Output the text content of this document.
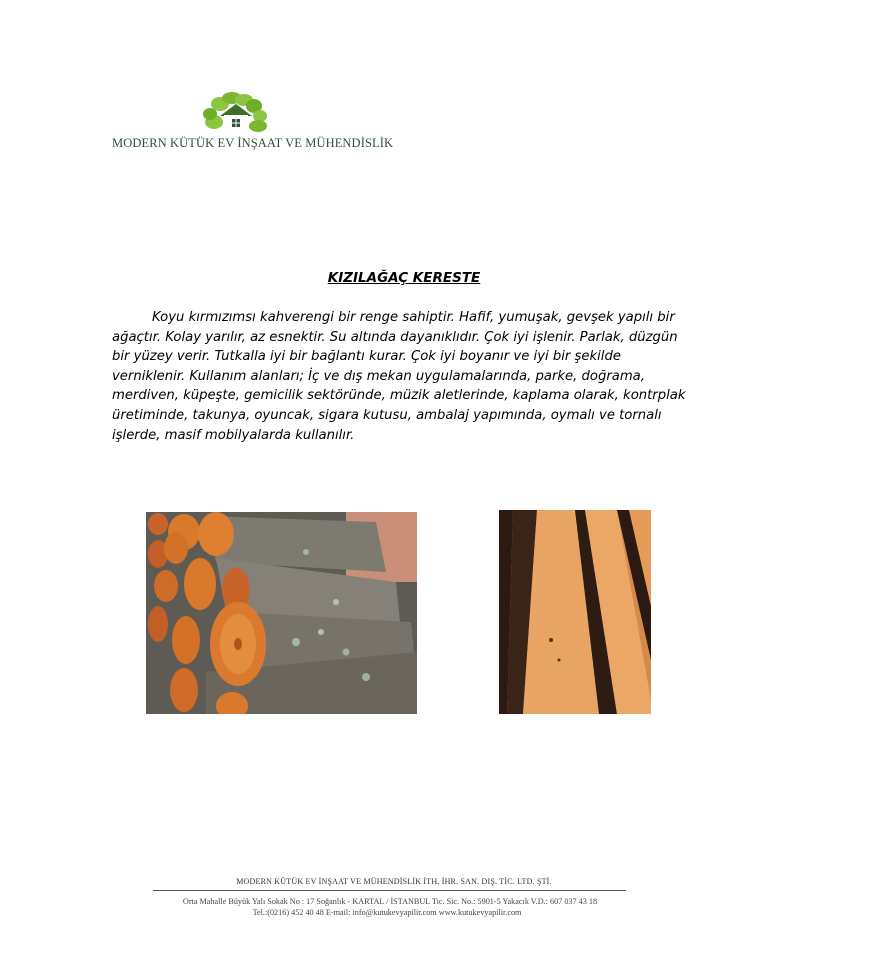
MODERN KÜTÜK EV İNŞAAT VE MÜHENDİSLİK
KIZILAĞAÇ KERESTE

Koyu kırmızımsı kahverengi bir renge sahiptir. Hafif, yumuşak, gevşek yapılı bir ağaçtır. Kolay yarılır, az esnektir. Su altında dayanıklıdır. Çok iyi işlenir. Parlak, düzgün bir yüzey verir. Tutkalla iyi bir bağlantı kurar. Çok iyi boyanır ve iyi bir şekilde verniklenir. Kullanım alanları; İç ve dış mekan uygulamalarında, parke, doğrama, merdiven, küpeşte, gemicilik sektöründe, müzik aletlerinde, kaplama olarak, kontrplak üretiminde, takunya, oyuncak, sigara kutusu, ambalaj yapımında, oymalı ve tornalı işlerde, masif mobilyalarda kullanılır.

MODERN KÜTÜK EV İNŞAAT VE MÜHENDİSLİK İTH. İHR. SAN. DIŞ. TİC. LTD. ŞTİ.
Orta Mahalle Büyük Yalı Sokak No : 17 Soğanlık - KARTAL / İSTANBUL Tic. Sic. No.: 5901-5 Yakacık V.D.: 607 037 43 18
Tel.:(0216) 452 40 48 E-mail: info@kutukevyapilir.com www.kutukevyapilir.com
